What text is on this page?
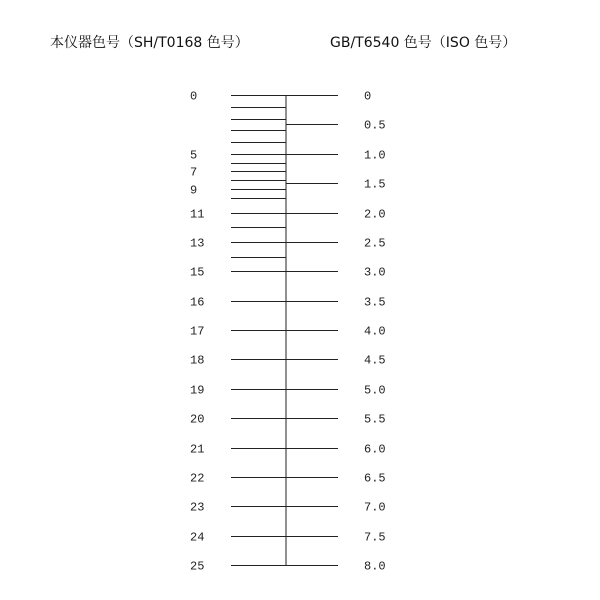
本仪器色号（SH/T0168 色号）	GB/T6540 色号（ISO 色号）
0
5
7
9
11
13
15
16
17
18
19
20
21
22
23
24
25
0
0.5
1.0
1.5
2.0
2.5
3.0
3.5
4.0
4.5
5.0
5.5
6.0
6.5
7.0
7.5
8.0
